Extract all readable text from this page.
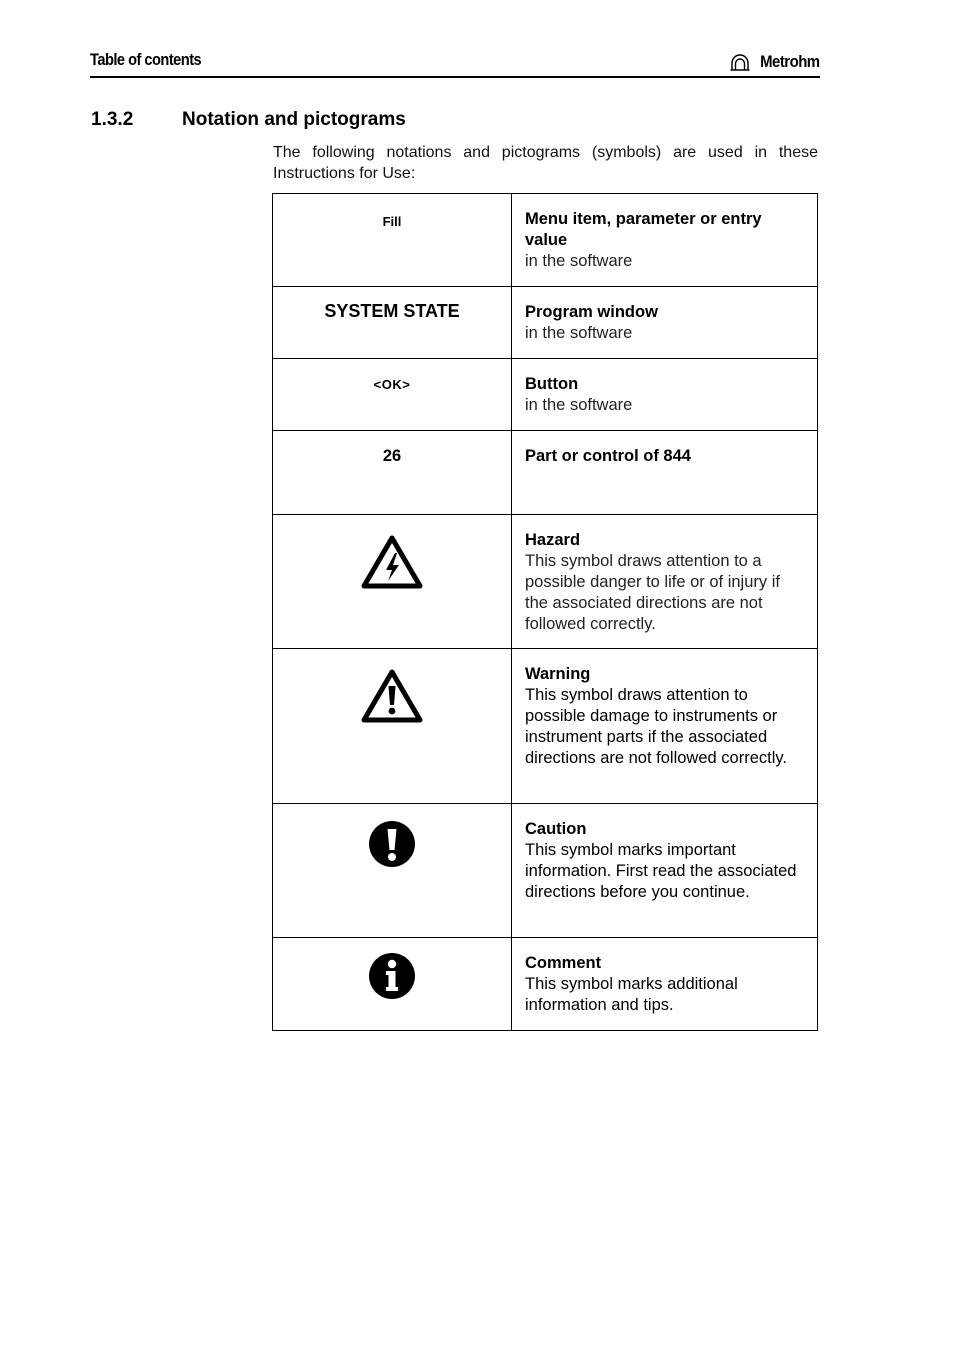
Table of contents	Metrohm
1.3.2	Notation and pictograms
The following notations and pictograms (symbols) are used in these Instructions for Use:
Fill	Menu item, parameter or entry value
in the software

SYSTEM STATE	Program window
in the software

<OK>	Button
in the software

26	Part or control of 844

Hazard
This symbol draws attention to a possible danger to life or of injury if the associated directions are not followed correctly.

Warning
This symbol draws attention to possible damage to instruments or instrument parts if the associated directions are not followed correctly.

Caution
This symbol marks important information. First read the associated directions before you continue.

Comment
This symbol marks additional information and tips.
